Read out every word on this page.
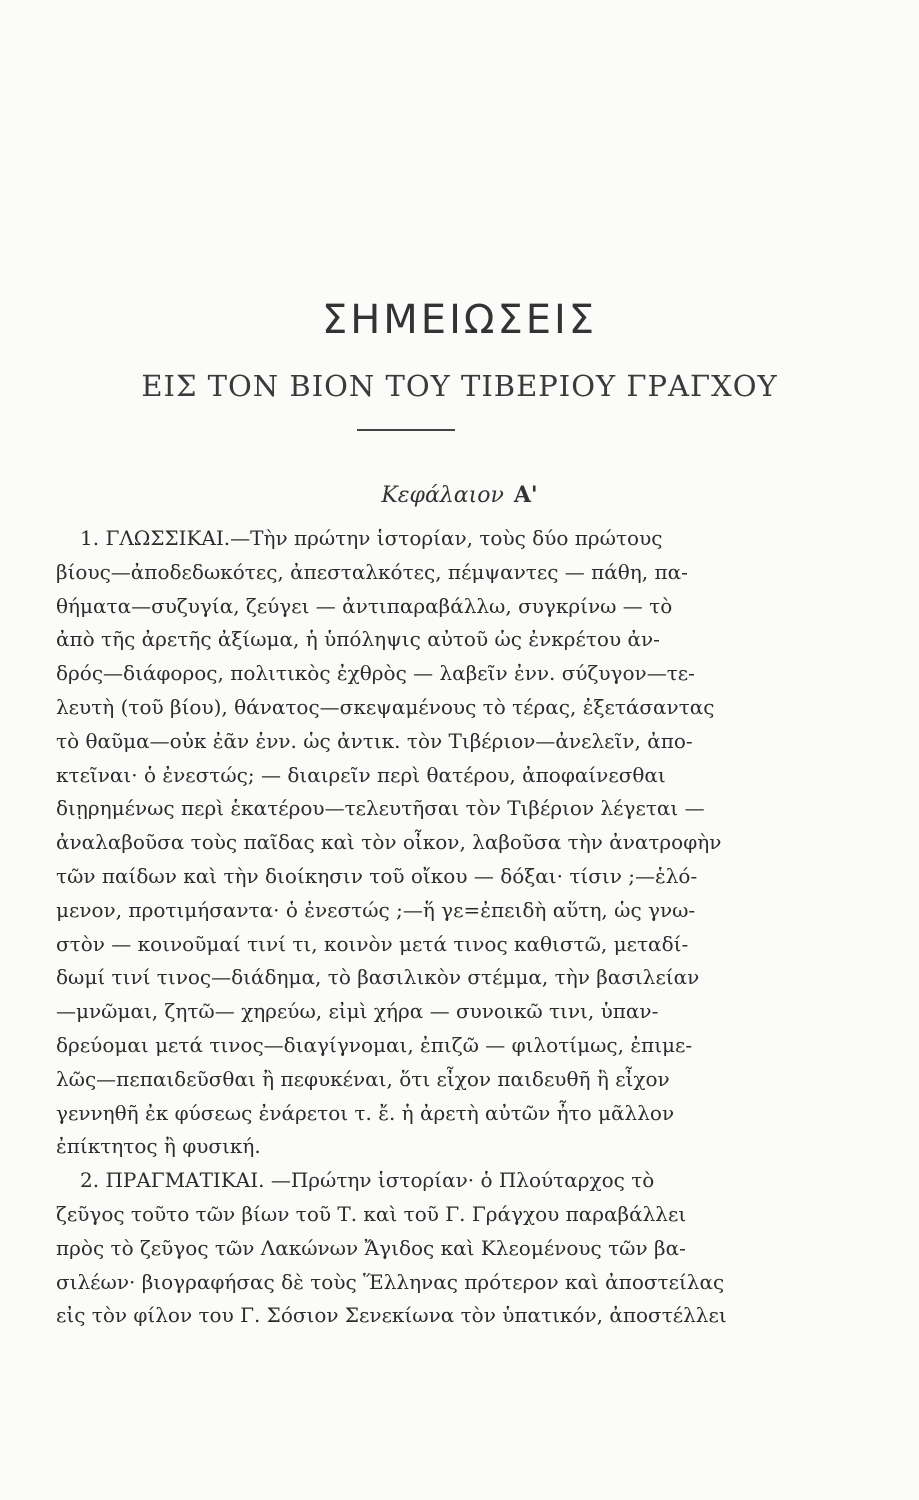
ΣΗΜΕΙΩΣΕΙΣ
ΕΙΣ ΤΟΝ ΒΙΟΝ ΤΟΥ ΤΙΒΕΡΙΟΥ ΓΡΑΓΧΟΥ
Κεφάλαιον Α'
1. ΓΛΩΣΣΙΚΑΙ.—Τὴν πρώτην ἱστορίαν, τοὺς δύο πρώτους
βίους—ἀποδεδωκότες, ἀπεσταλκότες, πέμψαντες — πάθη, πα-
θήματα—συζυγία, ζεύγει — ἀντιπαραβάλλω, συγκρίνω — τὸ
ἀπὸ τῆς ἀρετῆς ἀξίωμα, ἡ ὑπόληψις αὐτοῦ ὡς ἐνκρέτου ἀν-
δρός—διάφορος, πολιτικὸς ἐχθρὸς — λαβεῖν ἐνν. σύζυγον—τε-
λευτὴ (τοῦ βίου), θάνατος—σκεψαμένους τὸ τέρας, ἐξετάσαντας
τὸ θαῦμα—οὐκ ἐᾶν ἐνν. ὡς ἀντικ. τὸν Τιβέριον—ἀνελεῖν, ἀπο-
κτεῖναι· ὁ ἐνεστώς; — διαιρεῖν περὶ θατέρου, ἀποφαίνεσθαι
διῃρημένως περὶ ἑκατέρου—τελευτῆσαι τὸν Τιβέριον λέγεται —
ἀναλαβοῦσα τοὺς παῖδας καὶ τὸν οἶκον, λαβοῦσα τὴν ἀνατροφὴν
τῶν παίδων καὶ τὴν διοίκησιν τοῦ οἴκου — δόξαι· τίσιν ;—ἑλό-
μενον, προτιμήσαντα· ὁ ἐνεστώς ;—ἥ γε=ἐπειδὴ αὕτη, ὡς γνω-
στὸν — κοινοῦμαί τινί τι, κοινὸν μετά τινος καθιστῶ, μεταδί-
δωμί τινί τινος—διάδημα, τὸ βασιλικὸν στέμμα, τὴν βασιλείαν
—μνῶμαι, ζητῶ— χηρεύω, εἰμὶ χήρα — συνοικῶ τινι, ὑπαν-
δρεύομαι μετά τινος—διαγίγνομαι, ἐπιζῶ — φιλοτίμως, ἐπιμε-
λῶς—πεπαιδεῦσθαι ἢ πεφυκέναι, ὅτι εἶχον παιδευθῆ ἢ εἶχον
γεννηθῆ ἐκ φύσεως ἐνάρετοι τ. ἔ. ἡ ἀρετὴ αὐτῶν ἦτο μᾶλλον
ἐπίκτητος ἢ φυσική.
2. ΠΡΑΓΜΑΤΙΚΑΙ. —Πρώτην ἱστορίαν· ὁ Πλούταρχος τὸ
ζεῦγος τοῦτο τῶν βίων τοῦ Τ. καὶ τοῦ Γ. Γράγχου παραβάλλει
πρὸς τὸ ζεῦγος τῶν Λακώνων Ἄγιδος καὶ Κλεομένους τῶν βα-
σιλέων· βιογραφήσας δὲ τοὺς Ἕλληνας πρότερον καὶ ἀποστείλας
εἰς τὸν φίλον του Γ. Σόσιον Σενεκίωνα τὸν ὑπατικόν, ἀποστέλλει
